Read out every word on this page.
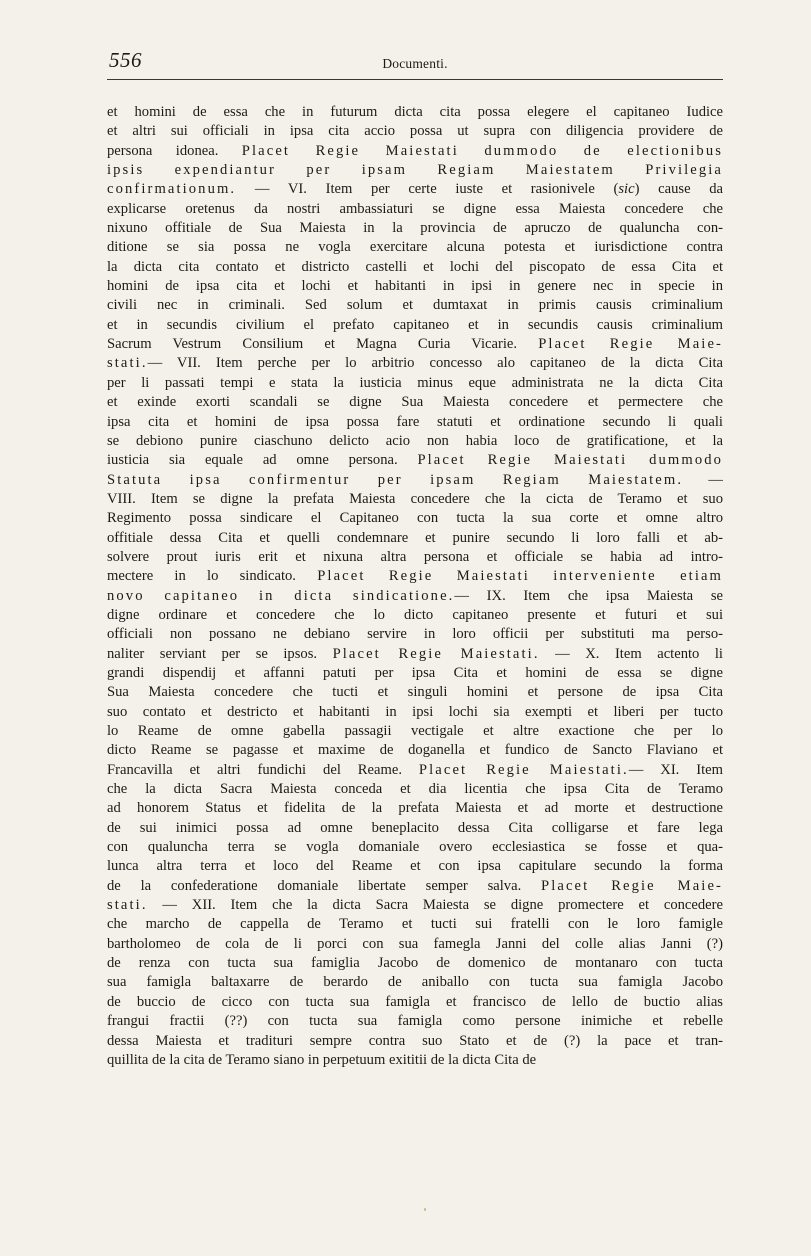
556	Documenti.
et homini de essa che in futurum dicta cita possa elegere el capitaneo Iudice
et altri sui officiali in ipsa cita accio possa ut supra con diligencia providere de
persona idonea. Placet Regie Maiestati dummodo de electionibus
ipsis expendiantur per ipsam Regiam Maiestatem Privilegia
confirmationum. — VI. Item per certe iuste et rasionivele (sic) cause da
explicarse oretenus da nostri ambassiaturi se digne essa Maiesta concedere che
nixuno offitiale de Sua Maiesta in la provincia de apruczo de qualuncha con-
ditione se sia possa ne vogla exercitare alcuna potesta et iurisdictione contra
la dicta cita contato et districto castelli et lochi del piscopato de essa Cita et
homini de ipsa cita et lochi et habitanti in ipsi in genere nec in specie in
civili nec in criminali. Sed solum et dumtaxat in primis causis criminalium
et in secundis civilium el prefato capitaneo et in secundis causis criminalium
Sacrum Vestrum Consilium et Magna Curia Vicarie. Placet Regie Maie-
stati.— VII. Item perche per lo arbitrio concesso alo capitaneo de la dicta Cita
per li passati tempi e stata la iusticia minus eque administrata ne la dicta Cita
et exinde exorti scandali se digne Sua Maiesta concedere et permectere che
ipsa cita et homini de ipsa possa fare statuti et ordinatione secundo li quali
se debiono punire ciaschuno delicto acio non habia loco de gratificatione, et la
iusticia sia equale ad omne persona. Placet Regie Maiestati dummodo
Statuta ipsa confirmentur per ipsam Regiam Maiestatem. —
VIII. Item se digne la prefata Maiesta concedere che la cicta de Teramo et suo
Regimento possa sindicare el Capitaneo con tucta la sua corte et omne altro
offitiale dessa Cita et quelli condemnare et punire secundo li loro falli et ab-
solvere prout iuris erit et nixuna altra persona et officiale se habia ad intro-
mectere in lo sindicato. Placet Regie Maiestati interveniente etiam
novo capitaneo in dicta sindicatione.— IX. Item che ipsa Maiesta se
digne ordinare et concedere che lo dicto capitaneo presente et futuri et sui
officiali non possano ne debiano servire in loro officii per substituti ma perso-
naliter serviant per se ipsos. Placet Regie Maiestati. — X. Item actento li
grandi dispendij et affanni patuti per ipsa Cita et homini de essa se digne
Sua Maiesta concedere che tucti et singuli homini et persone de ipsa Cita
suo contato et destricto et habitanti in ipsi lochi sia exempti et liberi per tucto
lo Reame de omne gabella passagii vectigale et altre exactione che per lo
dicto Reame se pagasse et maxime de doganella et fundico de Sancto Flaviano et
Francavilla et altri fundichi del Reame. Placet Regie Maiestati.— XI. Item
che la dicta Sacra Maiesta conceda et dia licentia che ipsa Cita de Teramo
ad honorem Status et fidelita de la prefata Maiesta et ad morte et destructione
de sui inimici possa ad omne beneplacito dessa Cita colligarse et fare lega
con qualuncha terra se vogla domaniale overo ecclesiastica se fosse et qua-
lunca altra terra et loco del Reame et con ipsa capitulare secundo la forma
de la confederatione domaniale libertate semper salva. Placet Regie Maie-
stati. — XII. Item che la dicta Sacra Maiesta se digne promectere et concedere
che marcho de cappella de Teramo et tucti sui fratelli con le loro famigle
bartholomeo de cola de li porci con sua famegla Janni del colle alias Janni (?)
de renza con tucta sua famiglia Jacobo de domenico de montanaro con tucta
sua famigla baltaxarre de berardo de aniballo con tucta sua famigla Jacobo
de buccio de cicco con tucta sua famigla et francisco de lello de buctio alias
frangui fractii (??) con tucta sua famigla como persone inimiche et rebelle
dessa Maiesta et tradituri sempre contra suo Stato et de (?) la pace et tran-
quillita de la cita de Teramo siano in perpetuum exititii de la dicta Cita de
